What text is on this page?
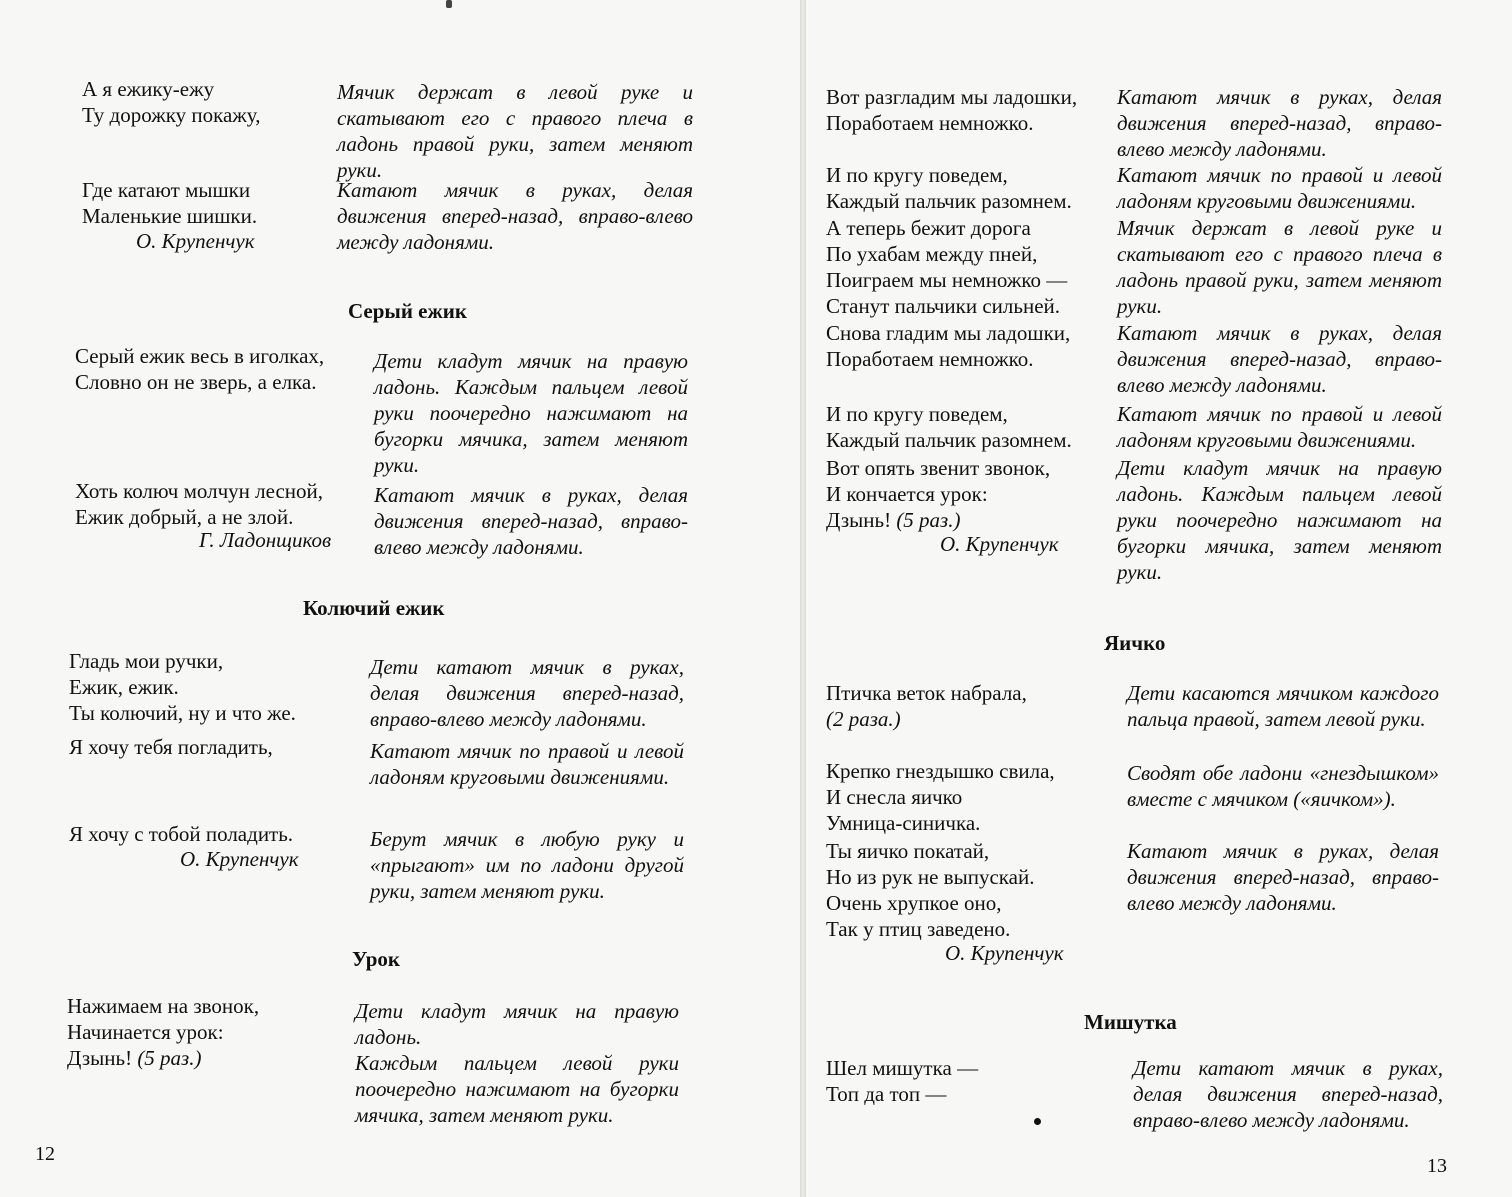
А я ежику-ежу
Ту дорожку покажу,
Мячик держат в левой руке и скатывают его с правого плеча в ладонь правой руки, затем меняют руки.
Где катают мышки
Маленькие шишки.
Катают мячик в руках, делая движения вперед-назад, вправо-влево между ладонями.
О. Крупенчук
Серый ежик
Серый ежик весь в иголках,
Словно он не зверь, а елка.
Дети кладут мячик на правую ладонь. Каждым пальцем левой руки поочередно нажимают на бугорки мячика, затем меняют руки.
Хоть колюч молчун лесной,
Ежик добрый, а не злой.
Катают мячик в руках, делая движения вперед-назад, вправо-влево между ладонями.
Г. Ладонщиков
Колючий ежик
Гладь мои ручки,
Ежик, ежик.
Ты колючий, ну и что же.
Дети катают мячик в руках, делая движения вперед-назад, вправо-влево между ладонями.
Я хочу тебя погладить,	Катают мячик по правой и левой ладоням круговыми движениями.
Я хочу с тобой поладить.	Берут мячик в любую руку и «прыгают» им по ладони другой руки, затем меняют руки.
О. Крупенчук
Урок
Нажимаем на звонок,
Начинается урок:
Дзынь! (5 раз.)
Дети кладут мячик на правую ладонь.
Каждым пальцем левой руки поочередно нажимают на бугорки мячика, затем меняют руки.
12
Вот разгладим мы ладошки,
Поработаем немножко.
Катают мячик в руках, делая движения вперед-назад, вправо-влево между ладонями.
И по кругу поведем,
Каждый пальчик разомнем.
Катают мячик по правой и левой ладоням круговыми движениями.
А теперь бежит дорога
По ухабам между пней,
Поиграем мы немножко —
Станут пальчики сильней.
Мячик держат в левой руке и скатывают его с правого плеча в ладонь правой руки, затем меняют руки.
Снова гладим мы ладошки,
Поработаем немножко.
Катают мячик в руках, делая движения вперед-назад, вправо-влево между ладонями.
И по кругу поведем,
Каждый пальчик разомнем.
Катают мячик по правой и левой ладоням круговыми движениями.
Вот опять звенит звонок,
И кончается урок:
Дзынь! (5 раз.)
Дети кладут мячик на правую ладонь. Каждым пальцем левой руки поочередно нажимают на бугорки мячика, затем меняют руки.
О. Крупенчук
Яичко
Птичка веток набрала,
(2 раза.)
Дети касаются мячиком каждого пальца правой, затем левой руки.
Крепко гнездышко свила,
И снесла яичко
Умница-синичка.
Сводят обе ладони «гнездышком» вместе с мячиком («яичком»).
Ты яичко покатай,
Но из рук не выпускай.
Очень хрупкое оно,
Так у птиц заведено.
Катают мячик в руках, делая движения вперед-назад, вправо-влево между ладонями.
О. Крупенчук
Мишутка
Шел мишутка —
Топ да топ —
Дети катают мячик в руках, делая движения вперед-назад, вправо-влево между ладонями.
13
